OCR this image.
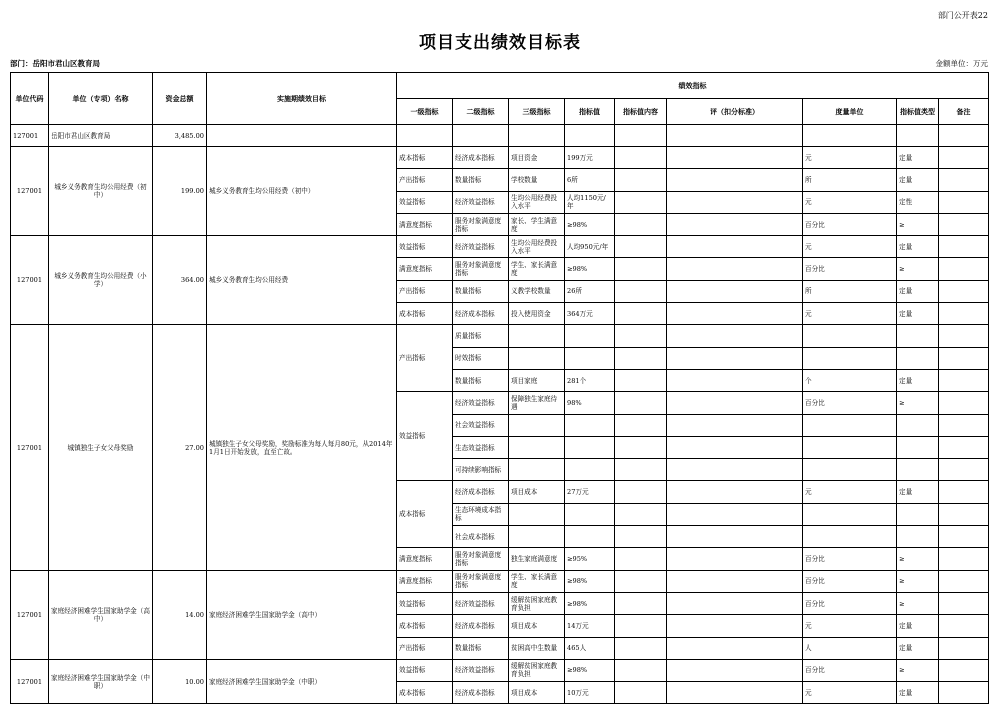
部门公开表22
项目支出绩效目标表
部门：岳阳市君山区教育局	金额单位：万元
单位代码	单位（专项）名称	资金总额	实施期绩效目标	绩效指标								
				一级指标	二级指标	三级指标	指标值	指标值内容	评（扣分标准）	度量单位	指标值类型	备注
127001	岳阳市君山区教育局	3,485.00										
127001	城乡义务教育生均公用经费（初中）	199.00	城乡义务教育生均公用经费（初中）	成本指标	经济成本指标	项目资金	199万元			元	定量	
				产出指标	数量指标	学校数量	6所			所	定量	
				效益指标	经济效益指标	生均公用经费投入水平	人均1150元/年			元	定性	
				满意度指标	服务对象满意度指标	家长、学生满意度	≥98%			百分比	≥	
127001	城乡义务教育生均公用经费（小学）	364.00	城乡义务教育生均公用经费	效益指标	经济效益指标	生均公用经费投入水平	人均950元/年			元	定量	
				满意度指标	服务对象满意度指标	学生、家长满意度	≥98%			百分比	≥	
				产出指标	数量指标	义教学校数量	26所			所	定量	
				成本指标	经济成本指标	投入使用资金	364万元			元	定量	
127001	城镇独生子女父母奖励	27.00	城镇独生子女父母奖励，奖励标准为每人每月80元，从2014年1月1日开始发放，直至亡故。	产出指标	质量指标							
					时效指标							
					数量指标	项目家庭	281个			个	定量	
				效益指标	经济效益指标	保障独生家庭待遇	98%			百分比	≥	
					社会效益指标							
					生态效益指标							
					可持续影响指标							
				成本指标	经济成本指标	项目成本	27万元			元	定量	
					生态环境成本指标							
					社会成本指标							
				满意度指标	服务对象满意度指标	独生家庭满意度	≥95%			百分比	≥	
127001	家庭经济困难学生国家助学金（高中）	14.00	家庭经济困难学生国家助学金（高中）	满意度指标	服务对象满意度指标	学生、家长满意度	≥98%			百分比	≥	
				效益指标	经济效益指标	缓解贫困家庭教育负担	≥98%			百分比	≥	
				成本指标	经济成本指标	项目成本	14万元			元	定量	
				产出指标	数量指标	贫困高中生数量	465人			人	定量	
127001	家庭经济困难学生国家助学金（中职）	10.00	家庭经济困难学生国家助学金（中职）	效益指标	经济效益指标	缓解贫困家庭教育负担	≥98%			百分比	≥	
				成本指标	经济成本指标	项目成本	10万元			元	定量	
